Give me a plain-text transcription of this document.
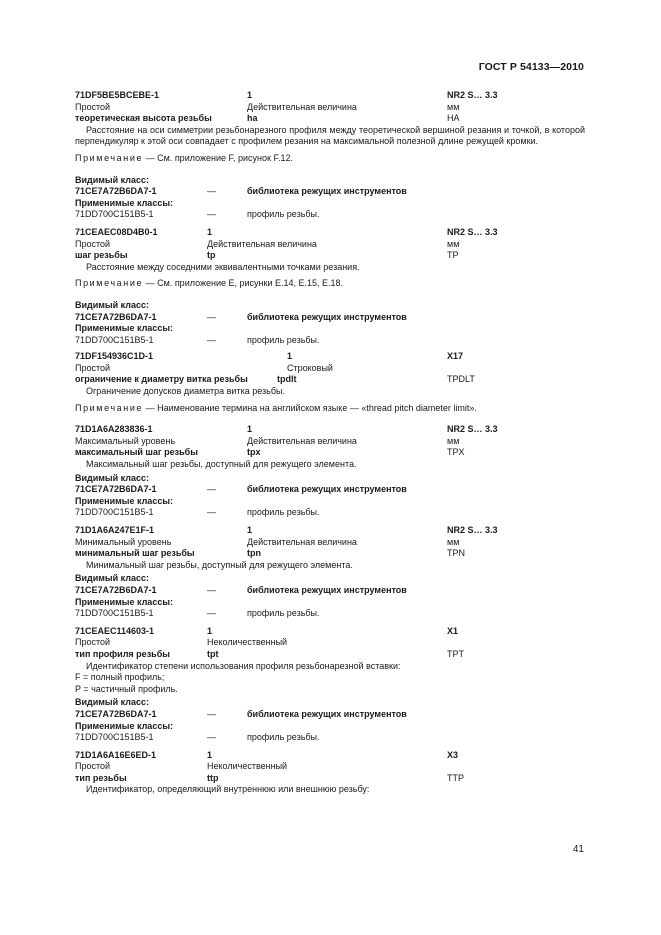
ГОСТ Р 54133—2010
71DF5BE5BCEBE-1	1	NR2 S… 3.3
Простой	Действительная величина	мм
теоретическая высота резьбы	ha	HA
Расстояние на оси симметрии резьбонарезного профиля между теоретической вершиной резания и точкой, в которой перпендикуляр к этой оси совпадает с профилем резания на максимальной полезной длине режущей кромки.
Примечание — См. приложение F, рисунок F.12.
Видимый класс:
71CE7A72B6DA7-1	—	библиотека режущих инструментов
Применимые классы:
71DD700C151B5-1	—	профиль резьбы.
71CEAEC08D4B0-1	1	NR2 S… 3.3
Простой	Действительная величина	мм
шаг резьбы	tp	TP
Расстояние между соседними эквивалентными точками резания.
Примечание — См. приложение E, рисунки E.14, E.15, E.18.
Видимый класс:
71CE7A72B6DA7-1	—	библиотека режущих инструментов
Применимые классы:
71DD700C151B5-1	—	профиль резьбы.
71DF154936C1D-1	1	X17
Простой	Строковый
ограничение к диаметру витка резьбы	tpdlt	TPDLT
Ограничение допусков диаметра витка резьбы.
Примечание — Наименование термина на английском языке — «thread pitch diameter limit».
71D1A6A283836-1	1	NR2 S… 3.3
Максимальный уровень	Действительная величина	мм
максимальный шаг резьбы	tpx	TPX
Максимальный шаг резьбы, доступный для режущего элемента.
Видимый класс:
71CE7A72B6DA7-1	—	библиотека режущих инструментов
Применимые классы:
71DD700C151B5-1	—	профиль резьбы.
71D1A6A247E1F-1	1	NR2 S… 3.3
Минимальный уровень	Действительная величина	мм
минимальный шаг резьбы	tpn	TPN
Минимальный шаг резьбы, доступный для режущего элемента.
Видимый класс:
71CE7A72B6DA7-1	—	библиотека режущих инструментов
Применимые классы:
71DD700C151B5-1	—	профиль резьбы.
71CEAEC114603-1	1	X1
Простой	Неколичественный
тип профиля резьбы	tpt	TPT
Идентификатор степени использования профиля резьбонарезной вставки:
F = полный профиль;
P = частичный профиль.
Видимый класс:
71CE7A72B6DA7-1	—	библиотека режущих инструментов
Применимые классы:
71DD700C151B5-1	—	профиль резьбы.
71D1A6A16E6ED-1	1	X3
Простой	Неколичественный
тип резьбы	ttp	TTP
Идентификатор, определяющий внутреннюю или внешнюю резьбу:
41
